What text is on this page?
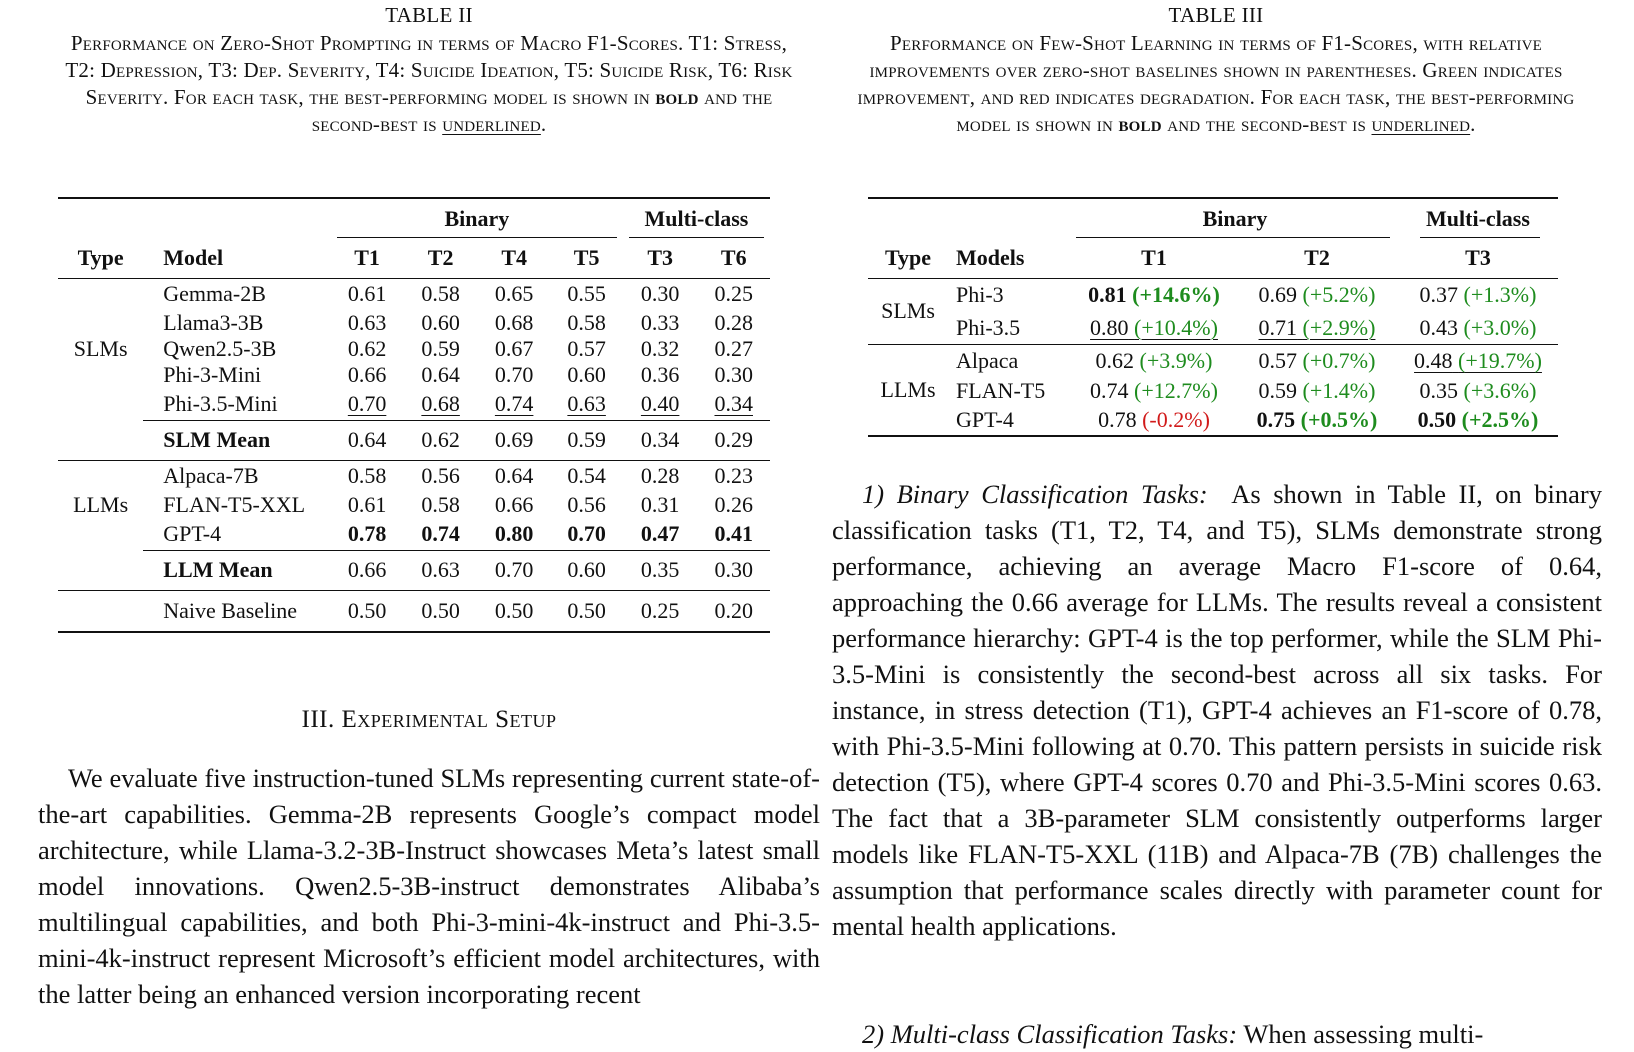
TABLE II
Performance on Zero-Shot Prompting in terms of Macro F1-Scores. T1: Stress, T2: Depression, T3: Dep. Severity, T4: Suicide Ideation, T5: Suicide Risk, T6: Risk Severity. For each task, the best-performing model is shown in bold and the second-best is underlined.
		Binary				Multi-class	

Type	Model	T1	T2	T4	T5	T3	T6
SLMs	Gemma-2B	0.61	0.58	0.65	0.55	0.30	0.25
	Llama3-3B	0.63	0.60	0.68	0.58	0.33	0.28
	Qwen2.5-3B	0.62	0.59	0.67	0.57	0.32	0.27
	Phi-3-Mini	0.66	0.64	0.70	0.60	0.36	0.30
	Phi-3.5-Mini	0.70	0.68	0.74	0.63	0.40	0.34
	SLM Mean	0.64	0.62	0.69	0.59	0.34	0.29
LLMs	Alpaca-7B	0.58	0.56	0.64	0.54	0.28	0.23
	FLAN-T5-XXL	0.61	0.58	0.66	0.56	0.31	0.26
	GPT-4	0.78	0.74	0.80	0.70	0.47	0.41
	LLM Mean	0.66	0.63	0.70	0.60	0.35	0.30
	Naive Baseline	0.50	0.50	0.50	0.50	0.25	0.20
III. Experimental Setup
We evaluate five instruction-tuned SLMs representing current state-of-the-art capabilities. Gemma-2B represents Google’s compact model architecture, while Llama-3.2-3B-Instruct showcases Meta’s latest small model innovations. Qwen2.5-3B-instruct demonstrates Alibaba’s multilingual capabilities, and both Phi-3-mini-4k-instruct and Phi-3.5-mini-4k-instruct represent Microsoft’s efficient model architectures, with the latter being an enhanced version incorporating recent
TABLE III
Performance on Few-Shot Learning in terms of F1-Scores, with relative improvements over zero-shot baselines shown in parentheses. Green indicates improvement, and red indicates degradation. For each task, the best-performing model is shown in bold and the second-best is underlined.
		Binary		Multi-class

Type	Models	T1	T2	T3
SLMs	Phi-3	0.81 (+14.6%)	0.69 (+5.2%)	0.37 (+1.3%)
	Phi-3.5	0.80 (+10.4%)	0.71 (+2.9%)	0.43 (+3.0%)
LLMs	Alpaca	0.62 (+3.9%)	0.57 (+0.7%)	0.48 (+19.7%)
	FLAN-T5	0.74 (+12.7%)	0.59 (+1.4%)	0.35 (+3.6%)
	GPT-4	0.78 (-0.2%)	0.75 (+0.5%)	0.50 (+2.5%)
1) Binary Classification Tasks: As shown in Table II, on binary classification tasks (T1, T2, T4, and T5), SLMs demonstrate strong performance, achieving an average Macro F1-score of 0.64, approaching the 0.66 average for LLMs. The results reveal a consistent performance hierarchy: GPT-4 is the top performer, while the SLM Phi-3.5-Mini is consistently the second-best across all six tasks. For instance, in stress detection (T1), GPT-4 achieves an F1-score of 0.78, with Phi-3.5-Mini following at 0.70. This pattern persists in suicide risk detection (T5), where GPT-4 scores 0.70 and Phi-3.5-Mini scores 0.63. The fact that a 3B-parameter SLM consistently outperforms larger models like FLAN-T5-XXL (11B) and Alpaca-7B (7B) challenges the assumption that performance scales directly with parameter count for mental health applications.
2) Multi-class Classification Tasks: When assessing multi-
